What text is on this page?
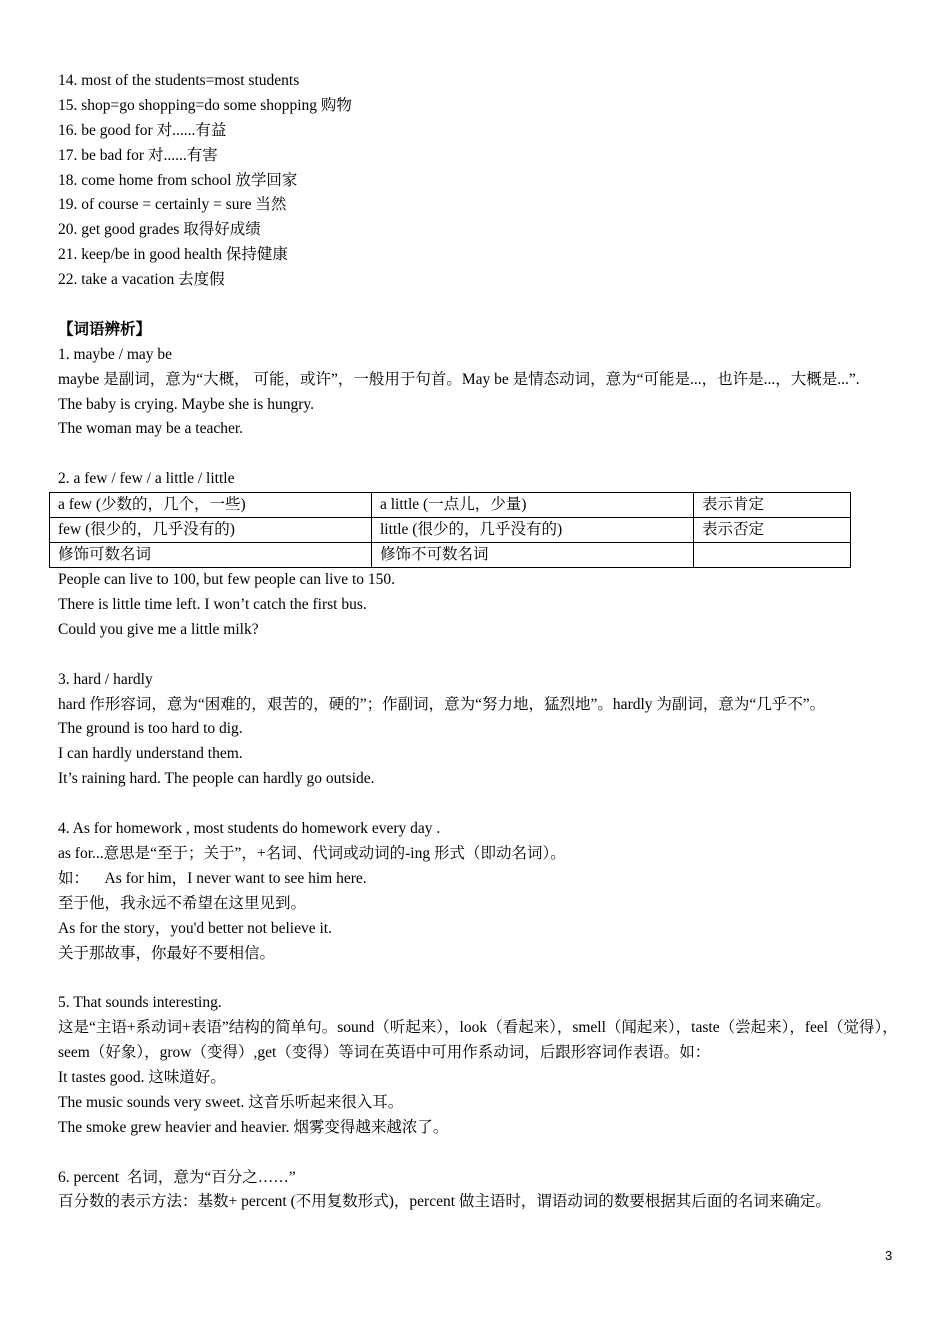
14. most of the students=most students
15. shop=go shopping=do some shopping 购物
16. be good for 对......有益
17. be bad for 对......有害
18. come home from school 放学回家
19. of course = certainly = sure 当然
20. get good grades 取得好成绩
21. keep/be in good health 保持健康
22. take a vacation 去度假
【词语辨析】
1. maybe / may be
maybe 是副词，意为“大概， 可能，或许”，一般用于句首。May be 是情态动词，意为“可能是...，也许是...，大概是...”.
The baby is crying. Maybe she is hungry.
The woman may be a teacher.
2. a few / few / a little / little
a few (少数的，几个，一些)	a little (一点儿，少量)	表示肯定
few (很少的，几乎没有的)	little (很少的，几乎没有的)	表示否定
修饰可数名词	修饰不可数名词	
People can live to 100, but few people can live to 150.
There is little time left. I won’t catch the first bus.
Could you give me a little milk?
3. hard / hardly
hard 作形容词，意为“困难的，艰苦的，硬的”；作副词，意为“努力地，猛烈地”。hardly 为副词，意为“几乎不”。
The ground is too hard to dig.
I can hardly understand them.
It’s raining hard. The people can hardly go outside.
4. As for homework , most students do homework every day .
as for...意思是“至于；关于”，+名词、代词或动词的-ing 形式（即动名词）。
如：    As for him，I never want to see him here.
至于他，我永远不希望在这里见到。
As for the story，you'd better not believe it.
关于那故事，你最好不要相信。
5. That sounds interesting.
这是“主语+系动词+表语”结构的简单句。sound（听起来），look（看起来），smell（闻起来），taste（尝起来），feel（觉得），seem（好象），grow（变得）,get（变得）等词在英语中可用作系动词，后跟形容词作表语。如：
It tastes good. 这味道好。
The music sounds very sweet. 这音乐听起来很入耳。
The smoke grew heavier and heavier. 烟雾变得越来越浓了。
6. percent  名词，意为“百分之……”
百分数的表示方法：基数+ percent (不用复数形式)，percent 做主语时，谓语动词的数要根据其后面的名词来确定。
3
